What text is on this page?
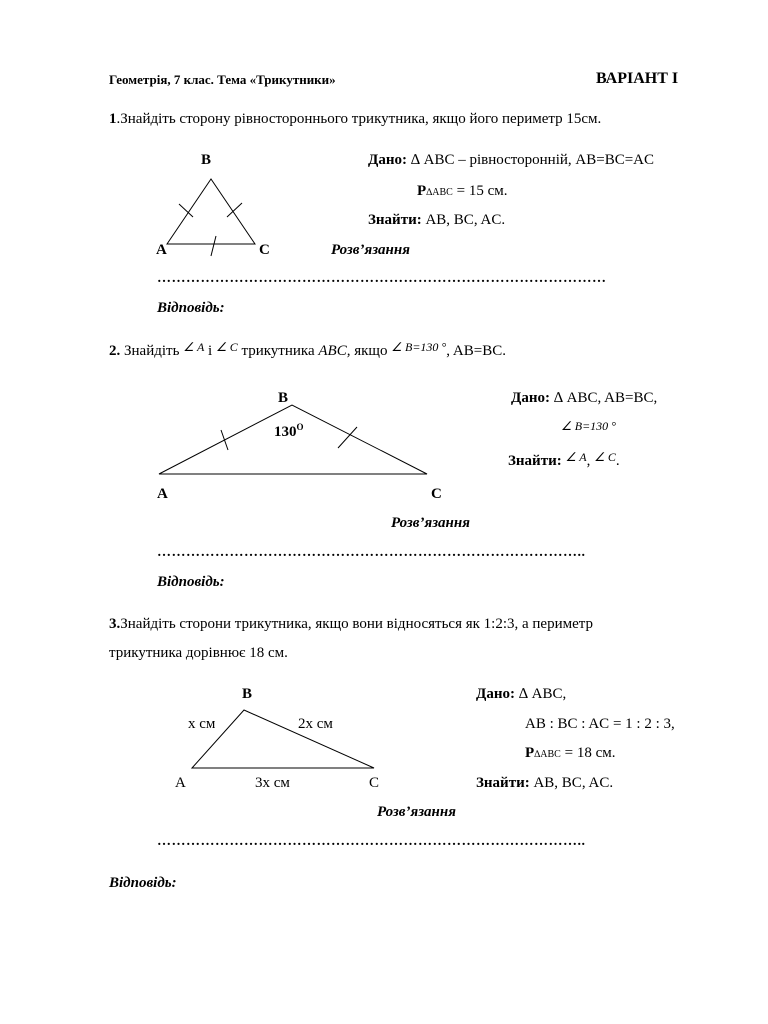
Геометрія, 7 клас. Тема «Трикутники»	ВАРІАНТ І
1.Знайдіть сторону рівностороннього трикутника, якщо його периметр 15см.
B
A	C
Дано: ∆ ABC – рівносторонній, AB=BC=AC
P∆ABC = 15 см.
Знайти: AB, BC, AC.
Розв’язання
…………………………………………………………………………………
Відповідь:
2. Знайдіть $^{\angle A}$ і $^{\angle C}$ трикутника ABC, якщо $^{\angle B=130 ^\circ}$, AB=BC.
B
$130^O$
A	C
Дано: ∆ ABC, AB=BC,
∠ B=130 °
Знайти: $^{\angle A}$, $^{\angle C}$.
Розв’язання
……………………………………………………………………………..
Відповідь:
3.Знайдіть сторони трикутника, якщо вони відносяться як 1:2:3, а периметр
трикутника дорівнює 18 см.
B
x см	2x см
A	3x см	C
Дано: ∆ ABC,
AB : BC : AC = 1 : 2 : 3,
P∆ABC = 18 см.
Знайти: AB, BC, AC.
Розв’язання
……………………………………………………………………………..
Відповідь:
